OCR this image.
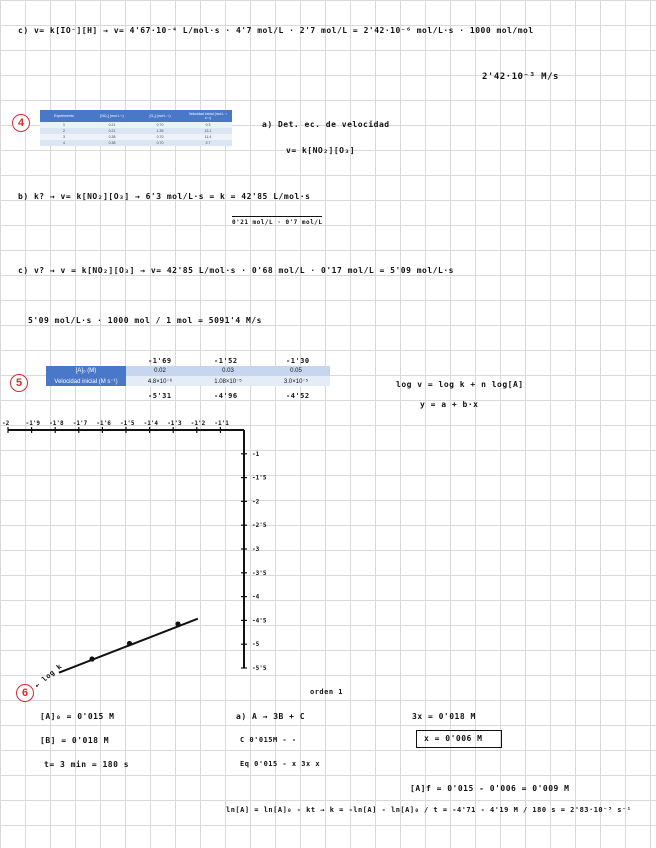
c) v= k[IO⁻][H] → v= 4'67·10⁻⁴ L/mol·s · 4'7 mol/L · 2'7 mol/L = 2'42·10⁻⁶ mol/L·s · 1000 mol/mol
2'42·10⁻³ M/s
4
Experimento	[NO₂] (mol L⁻¹)	[O₃] (mol L⁻¹)	Velocidad inicial (mol L⁻¹ s⁻¹)
1	0.21	0.70	0.3
2	0.21	1.39	13.1
3	0.38	0.70	11.4
4	0.38	0.70	2.7
a) Det. ec. de velocidad
v= k[NO₂][O₃]
b) k? → v= k[NO₂][O₃] → 6'3 mol/L·s = k = 42'85 L/mol·s
0'21 mol/L · 0'7 mol/L
c) v? → v = k[NO₂][O₃] → v= 42'85 L/mol·s · 0'68 mol/L · 0'17 mol/L = 5'09 mol/L·s
5'09 mol/L·s · 1000 mol / 1 mol = 5091'4 M/s
5
-1'69	-1'52	-1'30
[A]₀ (M)	0.02	0.03	0.05
Velocidad inicial (M s⁻¹)	4.8×10⁻⁶	1.08×10⁻⁵	3.0×10⁻⁵
-5'31	-4'96	-4'52
log v = log k + n log[A]
y = a + b·x
-2	-1'9 -1'8 -1'7 -1'6 -1'5 -1'4 -1'3 -1'2 -1'1
-1
-1'5
-2
-2'5
-3
-3'5
-4
-4'5
-5
-5'5
← log k
6
[A]₀ = 0'015 M
[B] = 0'018 M
t= 3 min = 180 s
orden 1
a) A → 3B + C
C 0'015M - -
Eq 0'015 - x 3x x
3x = 0'018 M
x = 0'006 M
[A]f = 0'015 - 0'006 = 0'009 M
ln[A] = ln[A]₀ - kt → k = -ln[A] - ln[A]₀ / t = -4'71 - 4'19 M / 180 s = 2'83·10⁻³ s⁻¹
